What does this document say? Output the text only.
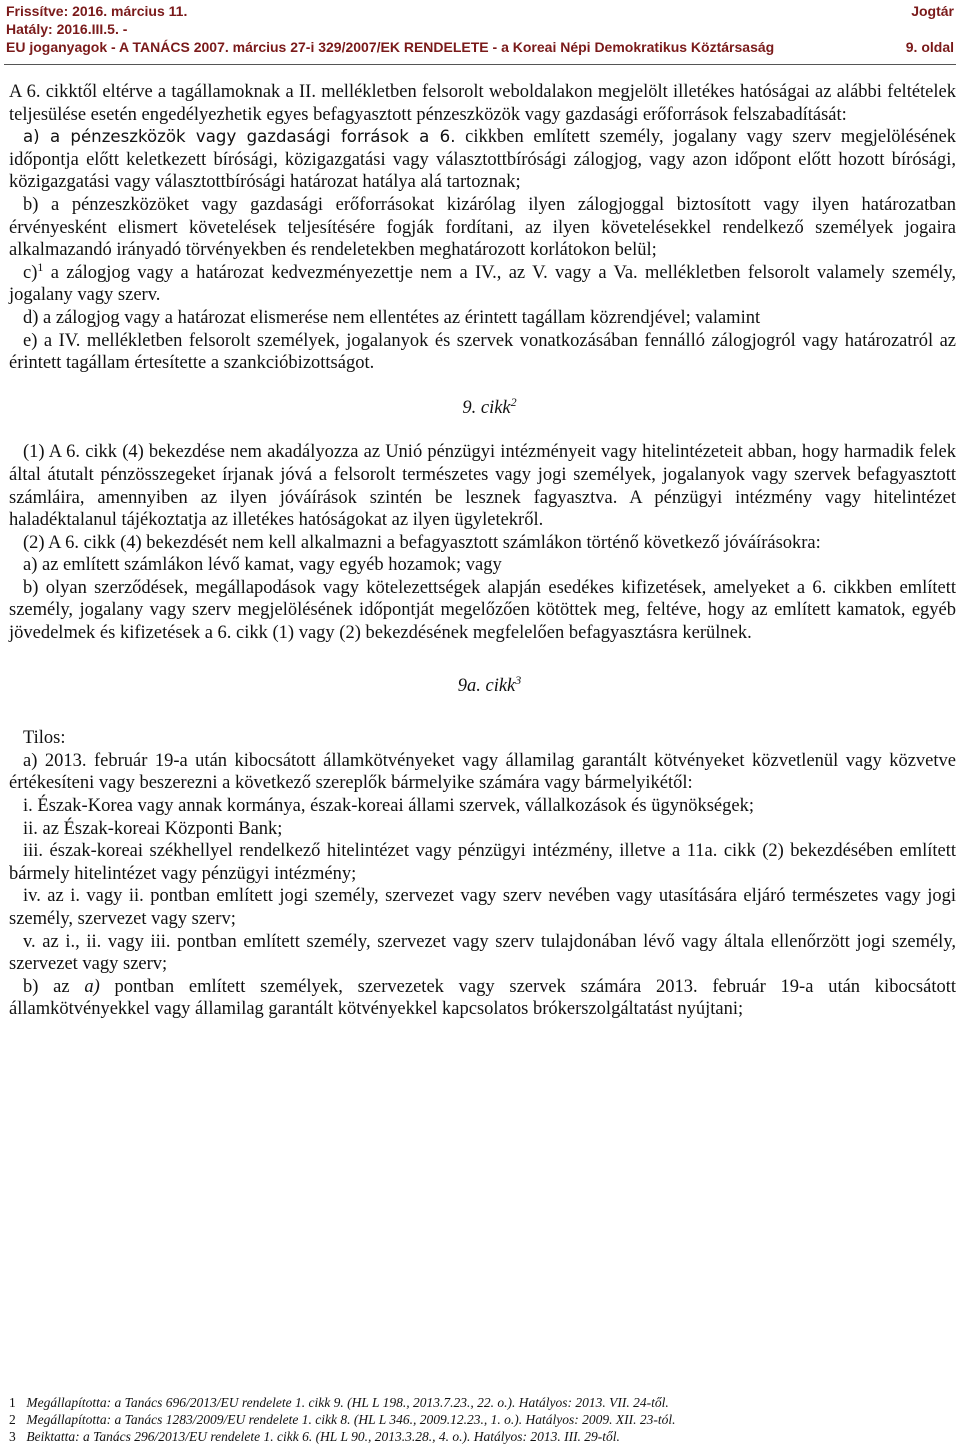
Frissítve: 2016. március 11.	Jogtár
Hatály: 2016.III.5. -
EU joganyagok - A TANÁCS 2007. március 27-i 329/2007/EK RENDELETE - a Koreai Népi Demokratikus Köztársaság	9. oldal

A 6. cikktől eltérve a tagállamoknak a II. mellékletben felsorolt weboldalakon megjelölt illetékes hatóságai az alábbi feltételek teljesülése esetén engedélyezhetik egyes befagyasztott pénzeszközök vagy gazdasági erőforrások felszabadítását:

a) a pénzeszközök vagy gazdasági források a 6. cikkben említett személy, jogalany vagy szerv megjelölésének időpontja előtt keletkezett bírósági, közigazgatási vagy választottbírósági zálogjog, vagy azon időpont előtt hozott bírósági, közigazgatási vagy választottbírósági határozat hatálya alá tartoznak;

b) a pénzeszközöket vagy gazdasági erőforrásokat kizárólag ilyen zálogjoggal biztosított vagy ilyen határozatban érvényesként elismert követelések teljesítésére fogják fordítani, az ilyen követelésekkel rendelkező személyek jogaira alkalmazandó irányadó törvényekben és rendeletekben meghatározott korlátokon belül;

c)$^1$ a zálogjog vagy a határozat kedvezményezettje nem a IV., az V. vagy a Va. mellékletben felsorolt valamely személy, jogalany vagy szerv.

d) a zálogjog vagy a határozat elismerése nem ellentétes az érintett tagállam közrendjével; valamint

e) a IV. mellékletben felsorolt személyek, jogalanyok és szervek vonatkozásában fennálló zálogjogról vagy határozatról az érintett tagállam értesítette a szankcióbizottságot.

9. cikk$^2$

(1) A 6. cikk (4) bekezdése nem akadályozza az Unió pénzügyi intézményeit vagy hitelintézeteit abban, hogy harmadik felek által átutalt pénzösszegeket írjanak jóvá a felsorolt természetes vagy jogi személyek, jogalanyok vagy szervek befagyasztott számláira, amennyiben az ilyen jóváírások szintén be lesznek fagyasztva. A pénzügyi intézmény vagy hitelintézet haladéktalanul tájékoztatja az illetékes hatóságokat az ilyen ügyletekről.

(2) A 6. cikk (4) bekezdését nem kell alkalmazni a befagyasztott számlákon történő következő jóváírásokra:

a) az említett számlákon lévő kamat, vagy egyéb hozamok; vagy

b) olyan szerződések, megállapodások vagy kötelezettségek alapján esedékes kifizetések, amelyeket a 6. cikkben említett személy, jogalany vagy szerv megjelölésének időpontját megelőzően kötöttek meg, feltéve, hogy az említett kamatok, egyéb jövedelmek és kifizetések a 6. cikk (1) vagy (2) bekezdésének megfelelően befagyasztásra kerülnek.

9a. cikk$^3$

Tilos:

a) 2013. február 19-a után kibocsátott államkötvényeket vagy államilag garantált kötvényeket közvetlenül vagy közvetve értékesíteni vagy beszerezni a következő szereplők bármelyike számára vagy bármelyikétől:

i. Észak-Korea vagy annak kormánya, észak-koreai állami szervek, vállalkozások és ügynökségek;

ii. az Észak-koreai Központi Bank;

iii. észak-koreai székhellyel rendelkező hitelintézet vagy pénzügyi intézmény, illetve a 11a. cikk (2) bekezdésében említett bármely hitelintézet vagy pénzügyi intézmény;

iv. az i. vagy ii. pontban említett jogi személy, szervezet vagy szerv nevében vagy utasítására eljáró természetes vagy jogi személy, szervezet vagy szerv;

v. az i., ii. vagy iii. pontban említett személy, szervezet vagy szerv tulajdonában lévő vagy általa ellenőrzött jogi személy, szervezet vagy szerv;

b) az a) pontban említett személyek, szervezetek vagy szervek számára 2013. február 19-a után kibocsátott államkötvényekkel vagy államilag garantált kötvényekkel kapcsolatos brókerszolgáltatást nyújtani;

1 Megállapította: a Tanács 696/2013/EU rendelete 1. cikk 9. (HL L 198., 2013.7.23., 22. o.). Hatályos: 2013. VII. 24-től.
2 Megállapította: a Tanács 1283/2009/EU rendelete 1. cikk 8. (HL L 346., 2009.12.23., 1. o.). Hatályos: 2009. XII. 23-tól.
3 Beiktatta: a Tanács 296/2013/EU rendelete 1. cikk 6. (HL L 90., 2013.3.28., 4. o.). Hatályos: 2013. III. 29-től.
